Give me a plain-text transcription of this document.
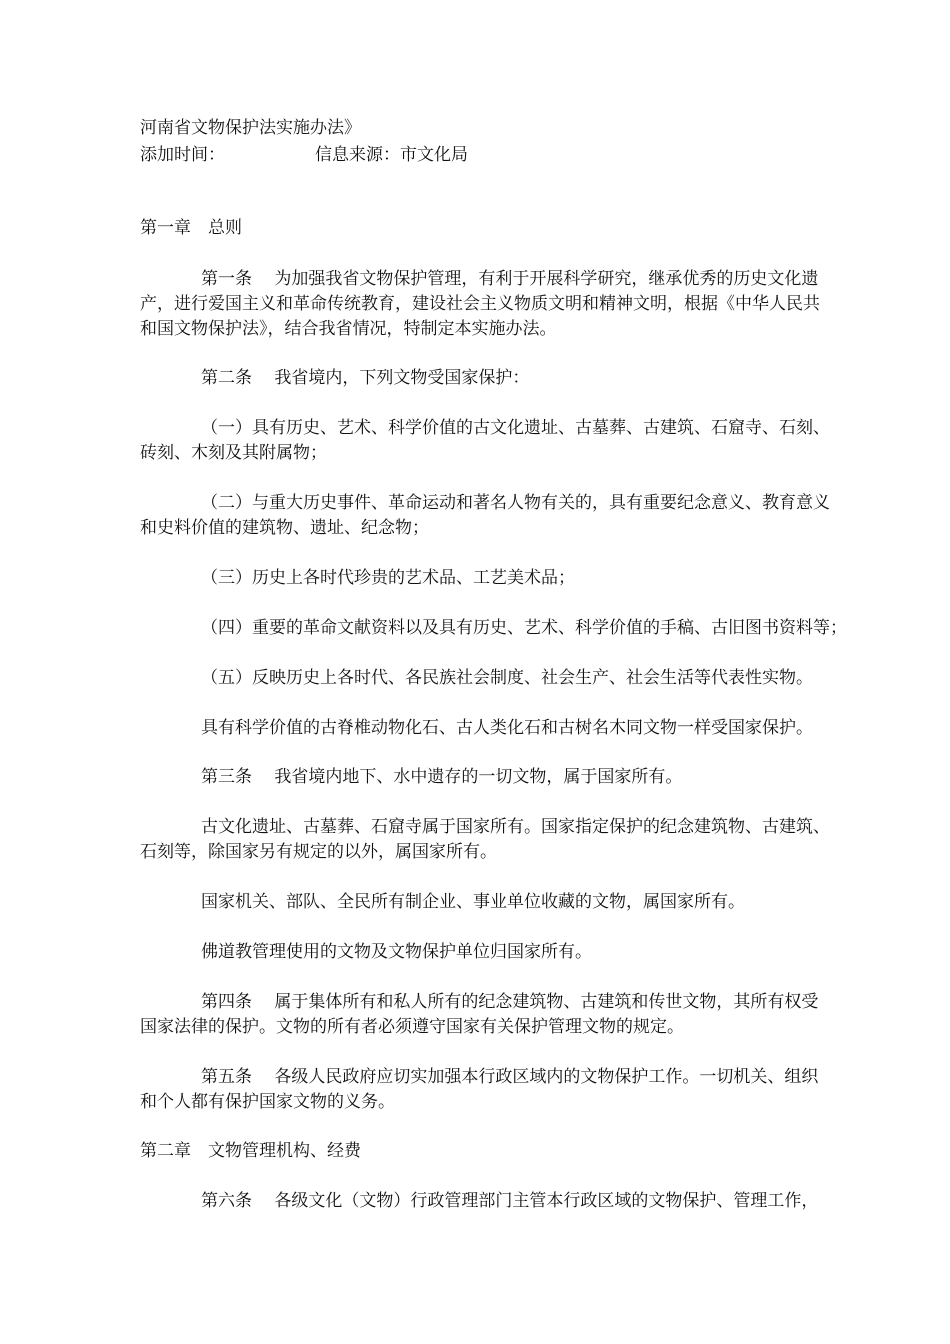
河南省文物保护法实施办法》
添加时间：	信息来源：市文化局
第一章　总则
第一条　 为加强我省文物保护管理，有利于开展科学研究，继承优秀的历史文化遗
产，进行爱国主义和革命传统教育，建设社会主义物质文明和精神文明，根据《中华人民共
和国文物保护法》，结合我省情况，特制定本实施办法。
第二条　 我省境内，下列文物受国家保护：
（一）具有历史、艺术、科学价值的古文化遗址、古墓葬、古建筑、石窟寺、石刻、
砖刻、木刻及其附属物；
（二）与重大历史事件、革命运动和著名人物有关的，具有重要纪念意义、教育意义
和史料价值的建筑物、遗址、纪念物；
（三）历史上各时代珍贵的艺术品、工艺美术品；
（四）重要的革命文献资料以及具有历史、艺术、科学价值的手稿、古旧图书资料等；
（五）反映历史上各时代、各民族社会制度、社会生产、社会生活等代表性实物。
具有科学价值的古脊椎动物化石、古人类化石和古树名木同文物一样受国家保护。
第三条　 我省境内地下、水中遗存的一切文物，属于国家所有。
古文化遗址、古墓葬、石窟寺属于国家所有。国家指定保护的纪念建筑物、古建筑、
石刻等，除国家另有规定的以外，属国家所有。
国家机关、部队、全民所有制企业、事业单位收藏的文物，属国家所有。
佛道教管理使用的文物及文物保护单位归国家所有。
第四条　 属于集体所有和私人所有的纪念建筑物、古建筑和传世文物，其所有权受
国家法律的保护。文物的所有者必须遵守国家有关保护管理文物的规定。
第五条　 各级人民政府应切实加强本行政区域内的文物保护工作。一切机关、组织
和个人都有保护国家文物的义务。
第二章　文物管理机构、经费
第六条　 各级文化（文物）行政管理部门主管本行政区域的文物保护、管理工作，
